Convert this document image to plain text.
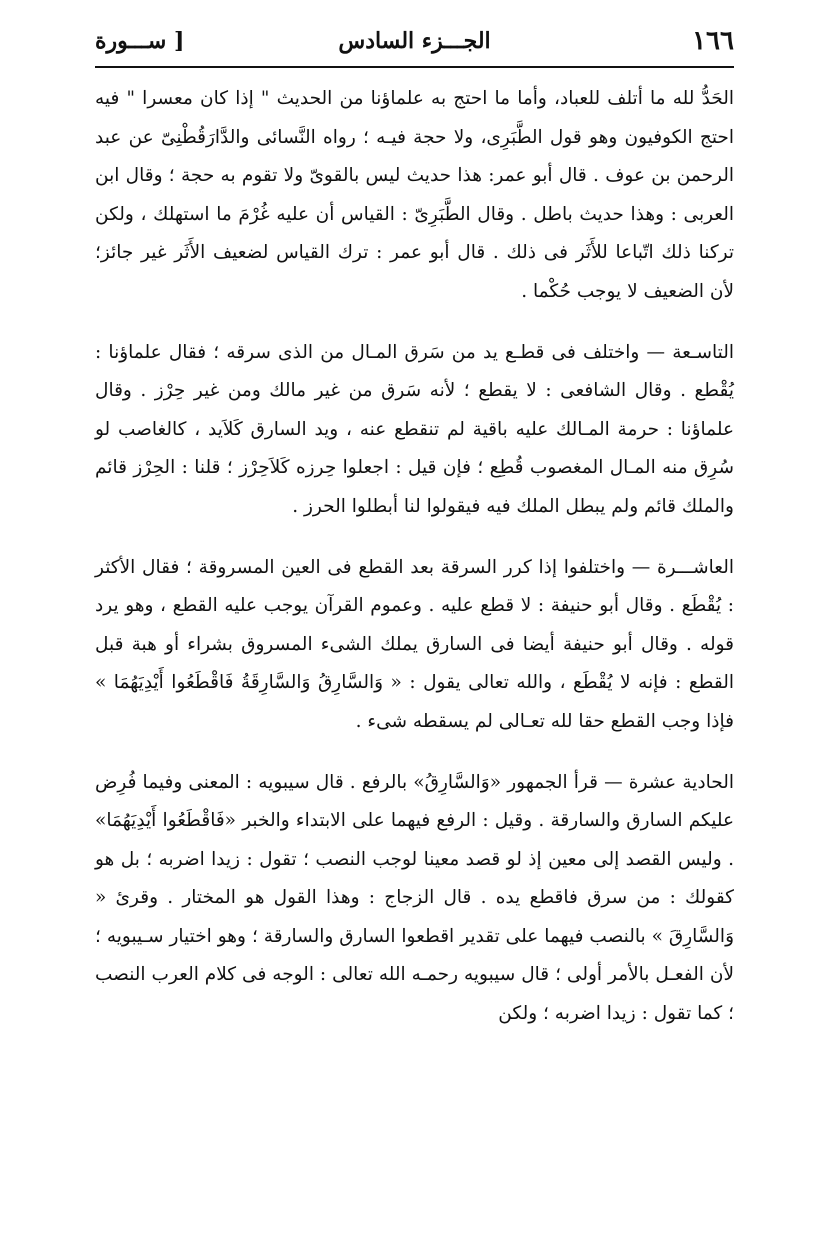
١٦٦
الجـــزء السادس
[ ســـورة

الحَدُّ لله ما أتلف للعباد، وأما ما احتج به علماؤنا من الحديث " إذا كان معسرا " فيه احتج الكوفيون وهو قول الطَّبَرِى، ولا حجة فيـه ؛ رواه النَّسائى والدَّارَقُطْنِىّ عن عبد الرحمن بن عوف . قال أبو عمر: هذا حديث ليس بالقوىّ ولا تقوم به حجة ؛ وقال ابن العربى : وهذا حديث باطل . وقال الطَّبَرِىّ : القياس أن عليه غُرْمَ ما استهلك ، ولكن تركنا ذلك اتّباعا للأَثَر فى ذلك . قال أبو عمر : ترك القياس لضعيف الأَثَر غير جائز؛ لأن الضعيف لا يوجب حُكْما .

التاسـعة — واختلف فى قطـع يد من سَرق المـال من الذى سرقه ؛ فقال علماؤنا : يُقْطع . وقال الشافعى : لا يقطع ؛ لأنه سَرق من غير مالك ومن غير حِرْز . وقال علماؤنا : حرمة المـالك عليه باقية لم تنقطع عنه ، ويد السارق كَلاَيد ، كالغاصب لو سُرِق منه المـال المغصوب قُطِع ؛ فإن قيل : اجعلوا حِرزه كَلاَحِرْز ؛ قلنا : الحِرْز قائم والملك قائم ولم يبطل الملك فيه فيقولوا لنا أبطلوا الحرز .

العاشـــرة — واختلفوا إذا كرر السرقة بعد القطع فى العين المسروقة ؛ فقال الأكثر : يُقْطَع . وقال أبو حنيفة : لا قطع عليه . وعموم القرآن يوجب عليه القطع ، وهو يرد قوله . وقال أبو حنيفة أيضا فى السارق يملك الشىء المسروق بشراء أو هبة قبل القطع : فإنه لا يُقْطَع ، والله تعالى يقول : « وَالسَّارِقُ وَالسَّارِقَةُ فَاقْطَعُوا أَيْدِيَهُمَا » فإذا وجب القطع حقا لله تعـالى لم يسقطه شىء .

الحادية عشرة — قرأ الجمهور «وَالسَّارِقُ» بالرفع . قال سيبويه : المعنى وفيما فُرِض عليكم السارق والسارقة . وقيل : الرفع فيهما على الابتداء والخبر «فَاقْطَعُوا أَيْدِيَهُمَا» . وليس القصد إلى معين إذ لو قصد معينا لوجب النصب ؛ تقول : زيدا اضربه ؛ بل هو كقولك : من سرق فاقطع يده . قال الزجاج : وهذا القول هو المختار . وقرئ « وَالسَّارِقَ » بالنصب فيهما على تقدير اقطعوا السارق والسارقة ؛ وهو اختيار سـيبويه ؛ لأن الفعـل بالأمر أولى ؛ قال سيبويه رحمـه الله تعالى : الوجه فى كلام العرب النصب ؛ كما تقول : زيدا اضربه ؛ ولكن
